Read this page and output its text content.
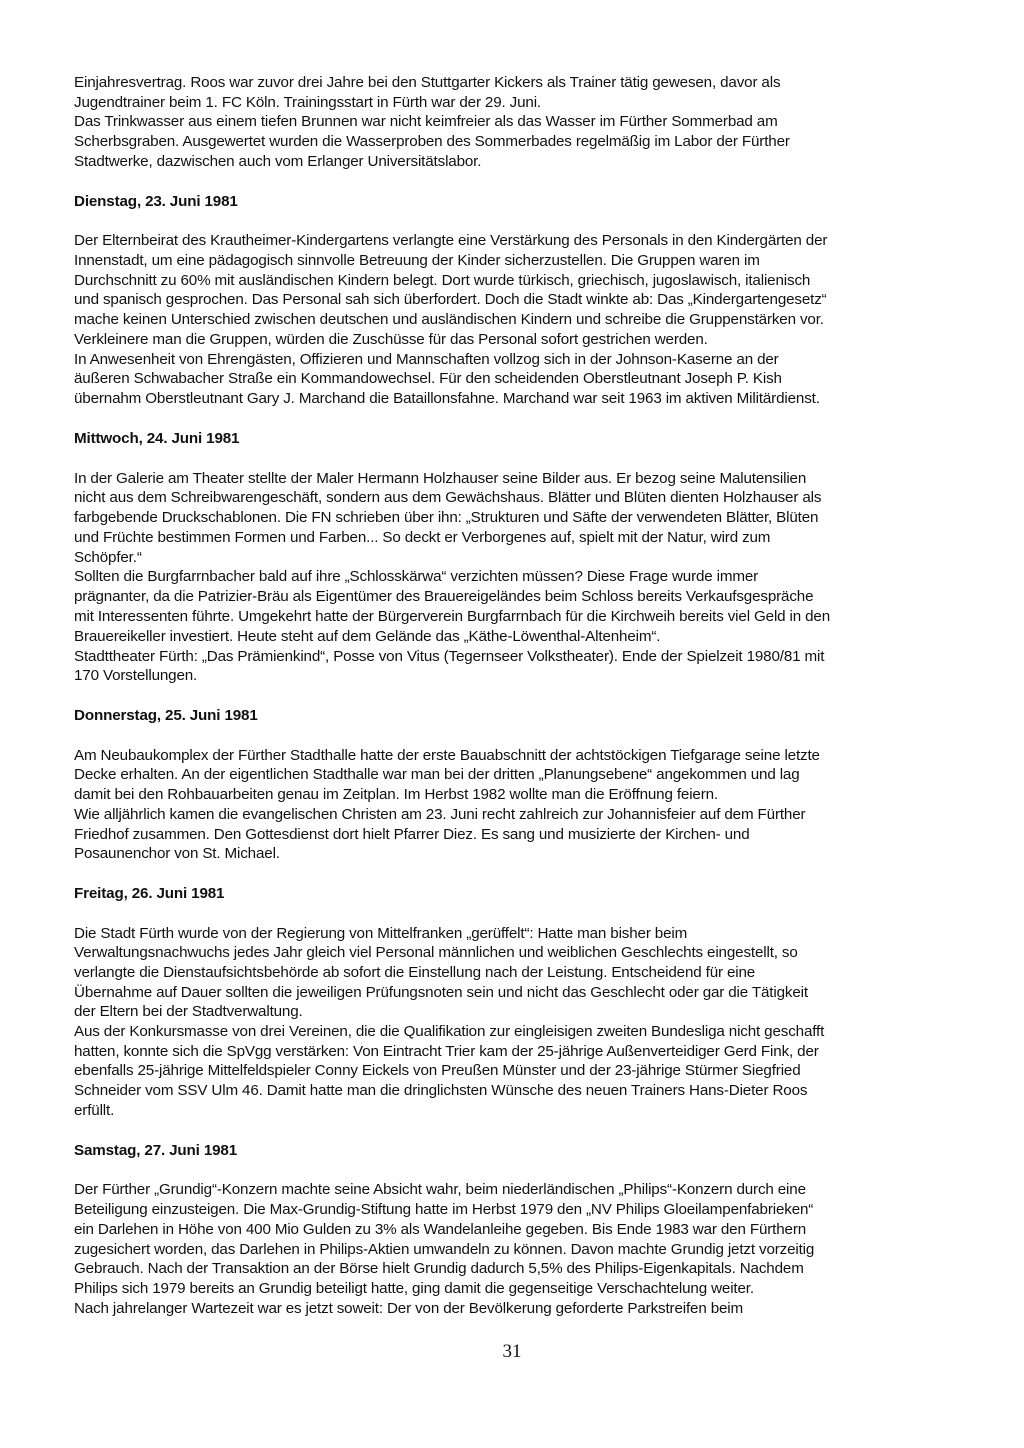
Einjahresvertrag. Roos war zuvor drei Jahre bei den Stuttgarter Kickers als Trainer tätig gewesen, davor als
Jugendtrainer beim 1. FC Köln. Trainingsstart in Fürth war der 29. Juni.
Das Trinkwasser aus einem tiefen Brunnen war nicht keimfreier als das Wasser im Fürther Sommerbad am
Scherbsgraben. Ausgewertet wurden die Wasserproben des Sommerbades regelmäßig im Labor der Fürther
Stadtwerke, dazwischen auch vom Erlanger Universitätslabor.
Dienstag, 23. Juni 1981
Der Elternbeirat des Krautheimer-Kindergartens verlangte eine Verstärkung des Personals in den Kindergärten der
Innenstadt, um eine pädagogisch sinnvolle Betreuung der Kinder sicherzustellen. Die Gruppen waren im
Durchschnitt zu 60% mit ausländischen Kindern belegt. Dort wurde türkisch, griechisch, jugoslawisch, italienisch
und spanisch gesprochen. Das Personal sah sich überfordert. Doch die Stadt winkte ab: Das „Kindergartengesetz“
mache keinen Unterschied zwischen deutschen und ausländischen Kindern und schreibe die Gruppenstärken vor.
Verkleinere man die Gruppen, würden die Zuschüsse für das Personal sofort gestrichen werden.
In Anwesenheit von Ehrengästen, Offizieren und Mannschaften vollzog sich in der Johnson-Kaserne an der
äußeren Schwabacher Straße ein Kommandowechsel. Für den scheidenden Oberstleutnant Joseph P. Kish
übernahm Oberstleutnant Gary J. Marchand die Bataillonsfahne. Marchand war seit 1963 im aktiven Militärdienst.
Mittwoch, 24. Juni 1981
In der Galerie am Theater stellte der Maler Hermann Holzhauser seine Bilder aus. Er bezog seine Malutensilien
nicht aus dem Schreibwarengeschäft, sondern aus dem Gewächshaus. Blätter und Blüten dienten Holzhauser als
farbgebende Druckschablonen. Die FN schrieben über ihn: „Strukturen und Säfte der verwendeten Blätter, Blüten
und Früchte bestimmen Formen und Farben... So deckt er Verborgenes auf, spielt mit der Natur, wird zum
Schöpfer.“
Sollten die Burgfarrnbacher bald auf ihre „Schlosskärwa“ verzichten müssen? Diese Frage wurde immer
prägnanter, da die Patrizier-Bräu als Eigentümer des Brauereigeländes beim Schloss bereits Verkaufsgespräche
mit Interessenten führte. Umgekehrt hatte der Bürgerverein Burgfarrnbach für die Kirchweih bereits viel Geld in den
Brauereikeller investiert. Heute steht auf dem Gelände das „Käthe-Löwenthal-Altenheim“.
Stadttheater Fürth: „Das Prämienkind“, Posse von Vitus (Tegernseer Volkstheater). Ende der Spielzeit 1980/81 mit
170 Vorstellungen.
Donnerstag, 25. Juni 1981
Am Neubaukomplex der Fürther Stadthalle hatte der erste Bauabschnitt der achtstöckigen Tiefgarage seine letzte
Decke erhalten. An der eigentlichen Stadthalle war man bei der dritten „Planungsebene“ angekommen und lag
damit bei den Rohbauarbeiten genau im Zeitplan. Im Herbst 1982 wollte man die Eröffnung feiern.
Wie alljährlich kamen die evangelischen Christen am 23. Juni recht zahlreich zur Johannisfeier auf dem Fürther
Friedhof zusammen. Den Gottesdienst dort hielt Pfarrer Diez. Es sang und musizierte der Kirchen- und
Posaunenchor von St. Michael.
Freitag, 26. Juni 1981
Die Stadt Fürth wurde von der Regierung von Mittelfranken „gerüffelt“: Hatte man bisher beim
Verwaltungsnachwuchs jedes Jahr gleich viel Personal männlichen und weiblichen Geschlechts eingestellt, so
verlangte die Dienstaufsichtsbehörde ab sofort die Einstellung nach der Leistung. Entscheidend für eine
Übernahme auf Dauer sollten die jeweiligen Prüfungsnoten sein und nicht das Geschlecht oder gar die Tätigkeit
der Eltern bei der Stadtverwaltung.
Aus der Konkursmasse von drei Vereinen, die die Qualifikation zur eingleisigen zweiten Bundesliga nicht geschafft
hatten, konnte sich die SpVgg verstärken: Von Eintracht Trier kam der 25-jährige Außenverteidiger Gerd Fink, der
ebenfalls 25-jährige Mittelfeldspieler Conny Eickels von Preußen Münster und der 23-jährige Stürmer Siegfried
Schneider vom SSV Ulm 46. Damit hatte man die dringlichsten Wünsche des neuen Trainers Hans-Dieter Roos
erfüllt.
Samstag, 27. Juni 1981
Der Fürther „Grundig“-Konzern machte seine Absicht wahr, beim niederländischen „Philips“-Konzern durch eine
Beteiligung einzusteigen. Die Max-Grundig-Stiftung hatte im Herbst 1979 den „NV Philips Gloeilampenfabrieken“
ein Darlehen in Höhe von 400 Mio Gulden zu 3% als Wandelanleihe gegeben. Bis Ende 1983 war den Fürthern
zugesichert worden, das Darlehen in Philips-Aktien umwandeln zu können. Davon machte Grundig jetzt vorzeitig
Gebrauch. Nach der Transaktion an der Börse hielt Grundig dadurch 5,5% des Philips-Eigenkapitals. Nachdem
Philips sich 1979 bereits an Grundig beteiligt hatte, ging damit die gegenseitige Verschachtelung weiter.
Nach jahrelanger Wartezeit war es jetzt soweit: Der von der Bevölkerung geforderte Parkstreifen beim
31
